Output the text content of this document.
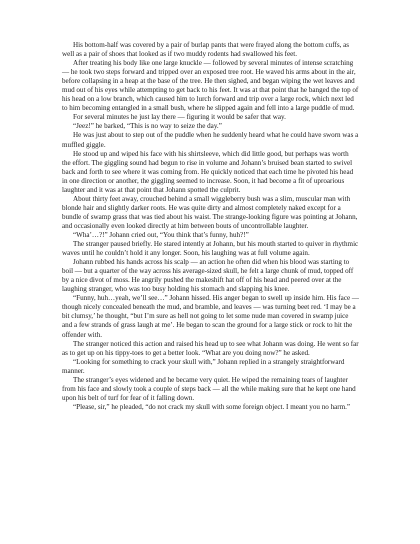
His bottom-half was covered by a pair of burlap pants that were frayed along the bottom cuffs, as well as a pair of shoes that looked as if two muddy rodents had swallowed his feet.

After treating his body like one large knuckle — followed by several minutes of intense scratching — he took two steps forward and tripped over an exposed tree root. He waved his arms about in the air, before collapsing in a heap at the base of the tree. He then sighed, and began wiping the wet leaves and mud out of his eyes while attempting to get back to his feet. It was at that point that he banged the top of his head on a low branch, which caused him to lurch forward and trip over a large rock, which next led to him becoming entangled in a small bush, where he slipped again and fell into a large puddle of mud.

For several minutes he just lay there — figuring it would be safer that way.

“Jeez!” he barked, “This is no way to seize the day.”

He was just about to step out of the puddle when he suddenly heard what he could have sworn was a muffled giggle.

He stood up and wiped his face with his shirtsleeve, which did little good, but perhaps was worth the effort. The giggling sound had begun to rise in volume and Johann’s bruised bean started to swivel back and forth to see where it was coming from. He quickly noticed that each time he pivoted his head in one direction or another, the giggling seemed to increase. Soon, it had become a fit of uproarious laughter and it was at that point that Johann spotted the culprit.

About thirty feet away, crouched behind a small wiggleberry bush was a slim, muscular man with blonde hair and slightly darker roots. He was quite dirty and almost completely naked except for a bundle of swamp grass that was tied about his waist. The strange-looking figure was pointing at Johann, and occasionally even looked directly at him between bouts of uncontrollable laughter.

“Wha’…?!” Johann cried out, “You think that’s funny, huh?!”

The stranger paused briefly. He stared intently at Johann, but his mouth started to quiver in rhythmic waves until he couldn’t hold it any longer. Soon, his laughing was at full volume again.

Johann rubbed his hands across his scalp — an action he often did when his blood was starting to boil — but a quarter of the way across his average-sized skull, he felt a large chunk of mud, topped off by a nice divot of moss. He angrily pushed the makeshift hat off of his head and peered over at the laughing stranger, who was too busy holding his stomach and slapping his knee.

“Funny, huh…yeah, we’ll see…” Johann hissed. His anger began to swell up inside him. His face — though nicely concealed beneath the mud, and bramble, and leaves — was turning beet red. ‘I may be a bit clumsy,’ he thought, “but I’m sure as hell not going to let some nude man covered in swamp juice and a few strands of grass laugh at me’. He began to scan the ground for a large stick or rock to hit the offender with.

The stranger noticed this action and raised his head up to see what Johann was doing. He went so far as to get up on his tippy-toes to get a better look. “What are you doing now?” he asked.

“Looking for something to crack your skull with,” Johann replied in a strangely straightforward manner.

The stranger’s eyes widened and he became very quiet. He wiped the remaining tears of laughter from his face and slowly took a couple of steps back — all the while making sure that he kept one hand upon his belt of turf for fear of it falling down.

“Please, sir,” he pleaded, “do not crack my skull with some foreign object. I meant you no harm.”
